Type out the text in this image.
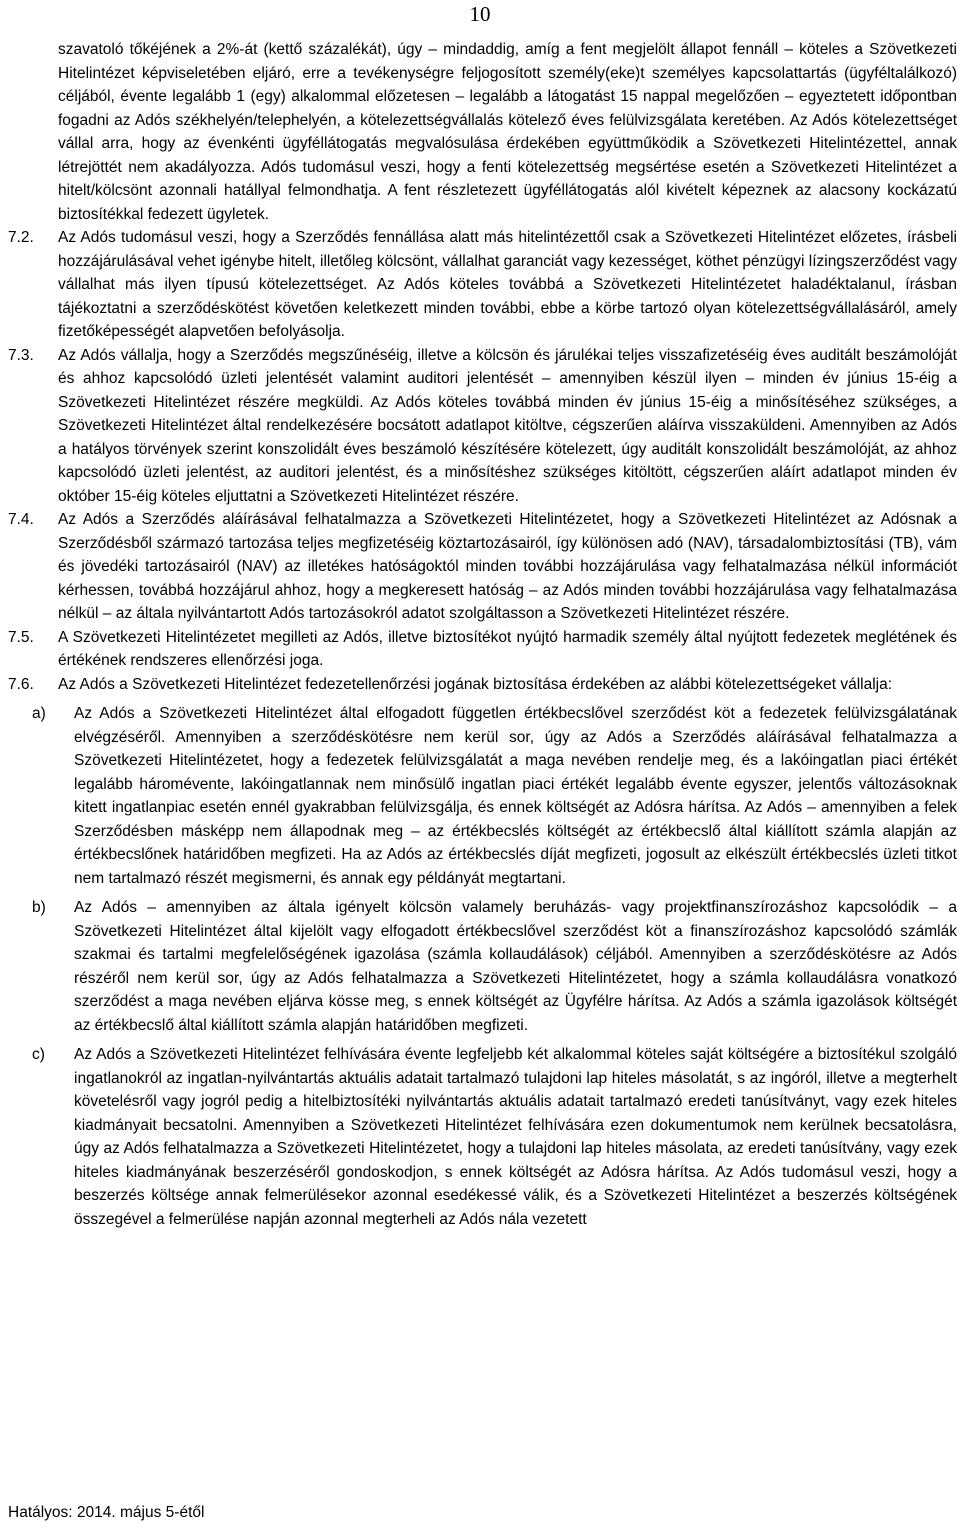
10
szavatoló tőkéjének a 2%-át (kettő százalékát), úgy – mindaddig, amíg a fent megjelölt állapot fennáll – köteles a Szövetkezeti Hitelintézet képviseletében eljáró, erre a tevékenységre feljogosított személy(eke)t személyes kapcsolattartás (ügyféltalálkozó) céljából, évente legalább 1 (egy) alkalommal előzetesen – legalább a látogatást 15 nappal megelőzően – egyeztetett időpontban fogadni az Adós székhelyén/telephelyén, a kötelezettségvállalás kötelező éves felülvizsgálata keretében. Az Adós kötelezettséget vállal arra, hogy az évenkénti ügyféllátogatás megvalósulása érdekében együttműködik a Szövetkezeti Hitelintézettel, annak létrejöttét nem akadályozza. Adós tudomásul veszi, hogy a fenti kötelezettség megsértése esetén a Szövetkezeti Hitelintézet a hitelt/kölcsönt azonnali hatállyal felmondhatja. A fent részletezett ügyféllátogatás alól kivételt képeznek az alacsony kockázatú biztosítékkal fedezett ügyletek.
7.2.	Az Adós tudomásul veszi, hogy a Szerződés fennállása alatt más hitelintézettől csak a Szövetkezeti Hitelintézet előzetes, írásbeli hozzájárulásával vehet igénybe hitelt, illetőleg kölcsönt, vállalhat garanciát vagy kezességet, köthet pénzügyi lízingszerződést vagy vállalhat más ilyen típusú kötelezettséget. Az Adós köteles továbbá a Szövetkezeti Hitelintézetet haladéktalanul, írásban tájékoztatni a szerződéskötést követően keletkezett minden további, ebbe a körbe tartozó olyan kötelezettségvállalásáról, amely fizetőképességét alapvetően befolyásolja.
7.3.	Az Adós vállalja, hogy a Szerződés megszűnéséig, illetve a kölcsön és járulékai teljes visszafizetéséig éves auditált beszámolóját és ahhoz kapcsolódó üzleti jelentését valamint auditori jelentését – amennyiben készül ilyen – minden év június 15-éig a Szövetkezeti Hitelintézet részére megküldi. Az Adós köteles továbbá minden év június 15-éig a minősítéséhez szükséges, a Szövetkezeti Hitelintézet által rendelkezésére bocsátott adatlapot kitöltve, cégszerűen aláírva visszaküldeni. Amennyiben az Adós a hatályos törvények szerint konszolidált éves beszámoló készítésére kötelezett, úgy auditált konszolidált beszámolóját, az ahhoz kapcsolódó üzleti jelentést, az auditori jelentést, és a minősítéshez szükséges kitöltött, cégszerűen aláírt adatlapot minden év október 15-éig köteles eljuttatni a Szövetkezeti Hitelintézet részére.
7.4.	Az Adós a Szerződés aláírásával felhatalmazza a Szövetkezeti Hitelintézetet, hogy a Szövetkezeti Hitelintézet az Adósnak a Szerződésből származó tartozása teljes megfizetéséig köztartozásairól, így különösen adó (NAV), társadalombiztosítási (TB), vám és jövedéki tartozásairól (NAV) az illetékes hatóságoktól minden további hozzájárulása vagy felhatalmazása nélkül információt kérhessen, továbbá hozzájárul ahhoz, hogy a megkeresett hatóság – az Adós minden további hozzájárulása vagy felhatalmazása nélkül – az általa nyilvántartott Adós tartozásokról adatot szolgáltasson a Szövetkezeti Hitelintézet részére.
7.5.	A Szövetkezeti Hitelintézetet megilleti az Adós, illetve biztosítékot nyújtó harmadik személy által nyújtott fedezetek meglétének és értékének rendszeres ellenőrzési joga.
7.6.	Az Adós a Szövetkezeti Hitelintézet fedezetellenőrzési jogának biztosítása érdekében az alábbi kötelezettségeket vállalja:
a)	Az Adós a Szövetkezeti Hitelintézet által elfogadott független értékbecslővel szerződést köt a fedezetek felülvizsgálatának elvégzéséről. Amennyiben a szerződéskötésre nem kerül sor, úgy az Adós a Szerződés aláírásával felhatalmazza a Szövetkezeti Hitelintézetet, hogy a fedezetek felülvizsgálatát a maga nevében rendelje meg, és a lakóingatlan piaci értékét legalább háromévente, lakóingatlannak nem minősülő ingatlan piaci értékét legalább évente egyszer, jelentős változásoknak kitett ingatlanpiac esetén ennél gyakrabban felülvizsgálja, és ennek költségét az Adósra hárítsa. Az Adós – amennyiben a felek Szerződésben másképp nem állapodnak meg – az értékbecslés költségét az értékbecslő által kiállított számla alapján az értékbecslőnek határidőben megfizeti. Ha az Adós az értékbecslés díját megfizeti, jogosult az elkészült értékbecslés üzleti titkot nem tartalmazó részét megismerni, és annak egy példányát megtartani.
b)	Az Adós – amennyiben az általa igényelt kölcsön valamely beruházás- vagy projektfinanszírozáshoz kapcsolódik – a Szövetkezeti Hitelintézet által kijelölt vagy elfogadott értékbecslővel szerződést köt a finanszírozáshoz kapcsolódó számlák szakmai és tartalmi megfelelőségének igazolása (számla kollaudálások) céljából. Amennyiben a szerződéskötésre az Adós részéről nem kerül sor, úgy az Adós felhatalmazza a Szövetkezeti Hitelintézetet, hogy a számla kollaudálásra vonatkozó szerződést a maga nevében eljárva kösse meg, s ennek költségét az Ügyfélre hárítsa. Az Adós a számla igazolások költségét az értékbecslő által kiállított számla alapján határidőben megfizeti.
c)	Az Adós a Szövetkezeti Hitelintézet felhívására évente legfeljebb két alkalommal köteles saját költségére a biztosítékul szolgáló ingatlanokról az ingatlan-nyilvántartás aktuális adatait tartalmazó tulajdoni lap hiteles másolatát, s az ingóról, illetve a megterhelt követelésről vagy jogról pedig a hitelbiztosítéki nyilvántartás aktuális adatait tartalmazó eredeti tanúsítványt, vagy ezek hiteles kiadmányait becsatolni. Amennyiben a Szövetkezeti Hitelintézet felhívására ezen dokumentumok nem kerülnek becsatolásra, úgy az Adós felhatalmazza a Szövetkezeti Hitelintézetet, hogy a tulajdoni lap hiteles másolata, az eredeti tanúsítvány, vagy ezek hiteles kiadmányának beszerzéséről gondoskodjon, s ennek költségét az Adósra hárítsa. Az Adós tudomásul veszi, hogy a beszerzés költsége annak felmerülésekor azonnal esedékessé válik, és a Szövetkezeti Hitelintézet a beszerzés költségének összegével a felmerülése napján azonnal megterheli az Adós nála vezetett
Hatályos: 2014. május 5-étől
